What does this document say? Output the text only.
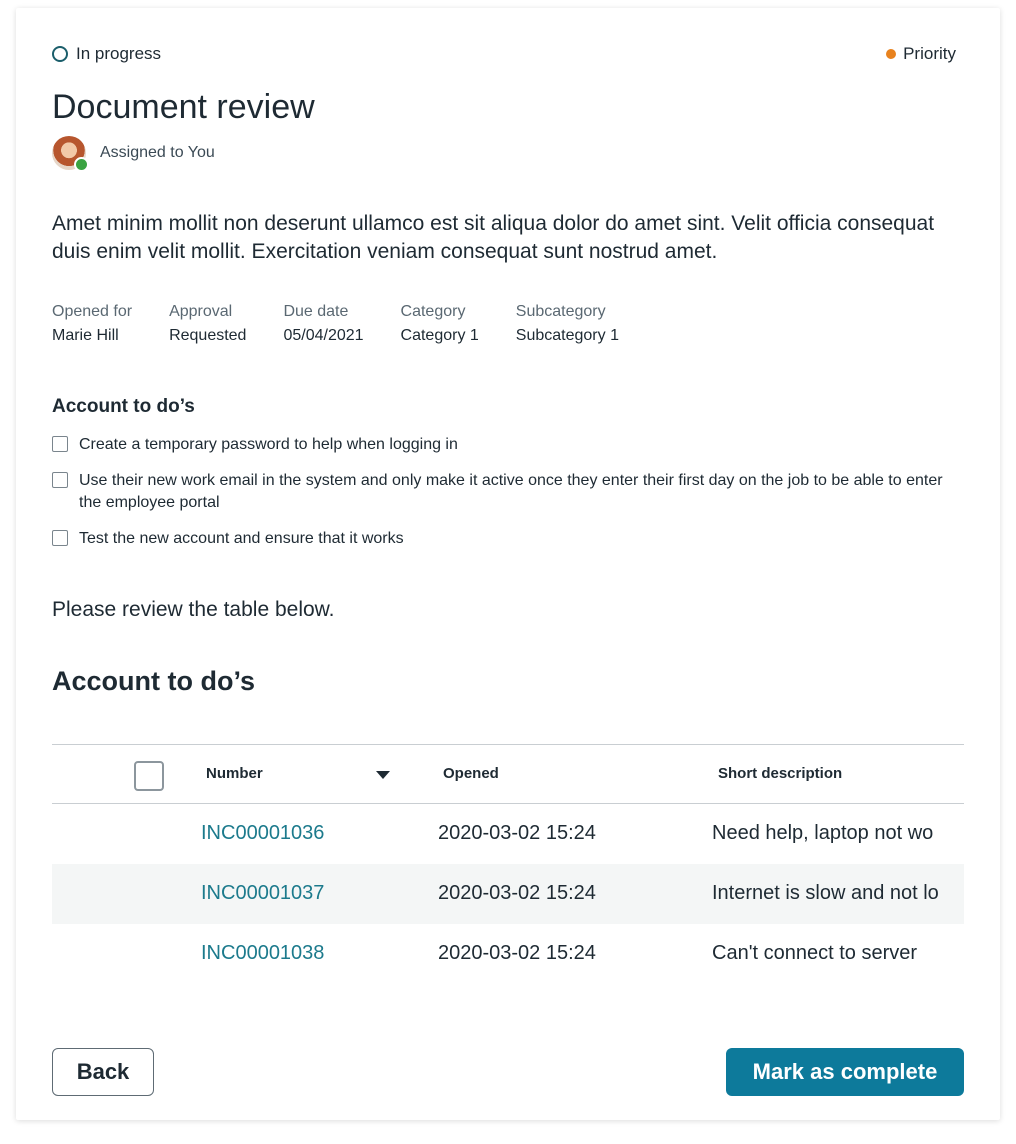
In progress	Priority
Document review
Assigned to You

Amet minim mollit non deserunt ullamco est sit aliqua dolor do amet sint. Velit officia consequat duis enim velit mollit. Exercitation veniam consequat sunt nostrud amet.

Opened for
Marie Hill
Approval
Requested
Due date
05/04/2021
Category
Category 1
Subcategory
Subcategory 1
Account to do’s
Create a temporary password to help when logging in
Use their new work email in the system and only make it active once they enter their first day on the job to be able to enter the employee portal
Test the new account and ensure that it works

Please review the table below.

Account to do’s
Number	Opened	Short description
INC00001036	2020-03-02 15:24	Need help, laptop not wo
INC00001037	2020-03-02 15:24	Internet is slow and not lo
INC00001038	2020-03-02 15:24	Can't connect to server
Back	Mark as complete
